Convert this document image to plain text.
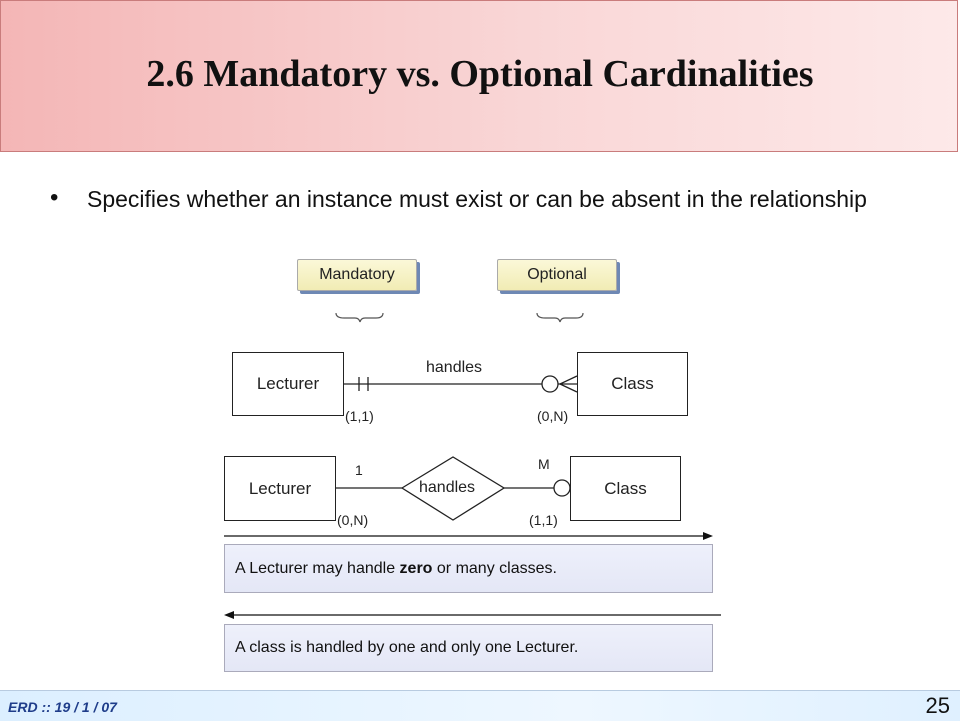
2.6 Mandatory vs. Optional Cardinalities
• Specifies whether an instance must exist or can be absent in the relationship
Mandatory	Optional
Lecturer	Class
handles
(1,1)	(0,N)
Lecturer	Class
handles
1	M
(0,N)	(1,1)
A Lecturer may handle zero or many classes.
A class is handled by one and only one Lecturer.
ERD :: 19 / 1 / 07	25
